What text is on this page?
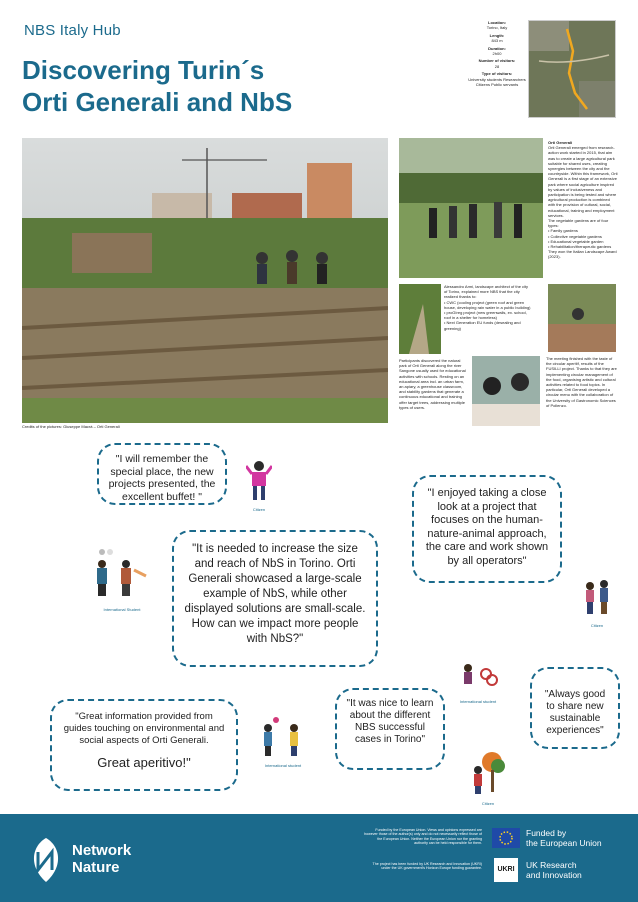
NBS Italy Hub
Discovering Turin´s
Orti Generali and NbS
Location:
Torino, Italy
Length:
843 m
Duration:
2h00
Number of visitors:
28
Type of visitors:
University students Researchers Citizens Public servants
Credits of the pictures: Giuseppe Macrà – Orti Generali
Orti Generali
Orti Generali emerged from research-action work started in 2015, that aim was to create a large agricultural park suitable for shared uses, creating synergies between the city and the countryside. Within this framework, Orti Generali is a first stage of an extensive park where social agriculture inspired by values of inclusiveness and participation is being tested and where agricultural production is combined with the provision of cultural, social, educational, training and employment services.
The vegetable gardens are of four types:
• Family gardens
• Collective vegetable gardens
• Educational vegetable garden
• Rehabilitation/therapeutic gardens
They won the Italian Landscape Award (2023).
Alessandro Armi, landscape architect of the city of Torino, explained more NBS that the city realized thanks to:
• CWC (cooling project (green roof and green house, developing rain water in a public building)
• proGIreg project (new greenwalls, ex. school, roof in a shelter for homeless)
• Next Generation EU funds (desealing and greening)
Participants discovered the natural park of Orti Generali along the river Sangone usually used for educational activities with schools. Resting on an educational area incl. an urban farm, an apiary, a greenhouse classroom, and stability gardens that generate a continuous educational and training offer target trees, addressing multiple types of users.
The meeting finished with the taste of the circular aperitif, results of the FUSILLI project. Thanks to that they are implementing circular management of the food, organising artistic and cultural activities related to food topics. In particular, Orti Generali developed a circular menu with the collaboration of the University of Gastronomic Sciences of Pollenzo.
"I will remember the special place, the new projects presented, the excellent buffet! "
Citizen
"I enjoyed taking a close look at a project that focuses on the human-nature-animal approach, the care and work shown by all operators"
Citizen
International Student
"It is needed to increase the size and reach of NbS in Torino. Orti Generali showcased a large-scale example of NbS, while other displayed solutions are small-scale. How can we impact more people with NbS?"
"It was nice to learn about the different NBS successful cases in Torino"
International student
"Always good to share new sustainable experiences"
Citizen
"Great information provided from guides touching on environmental and social aspects of Orti Generali.
Great aperitivo!"	International student
Network
Nature
Funded by the European Union. Views and opinions expressed are however those of the author(s) only and do not necessarily reflect those of the European Union. Neither the European Union nor the granting authority can be held responsible for them.
The project has been funded by UK Research and Innovation (UKRI) under the UK government's Horizon Europe funding guarantee.
Funded by
the European Union
UKRI	UK Research
and Innovation
